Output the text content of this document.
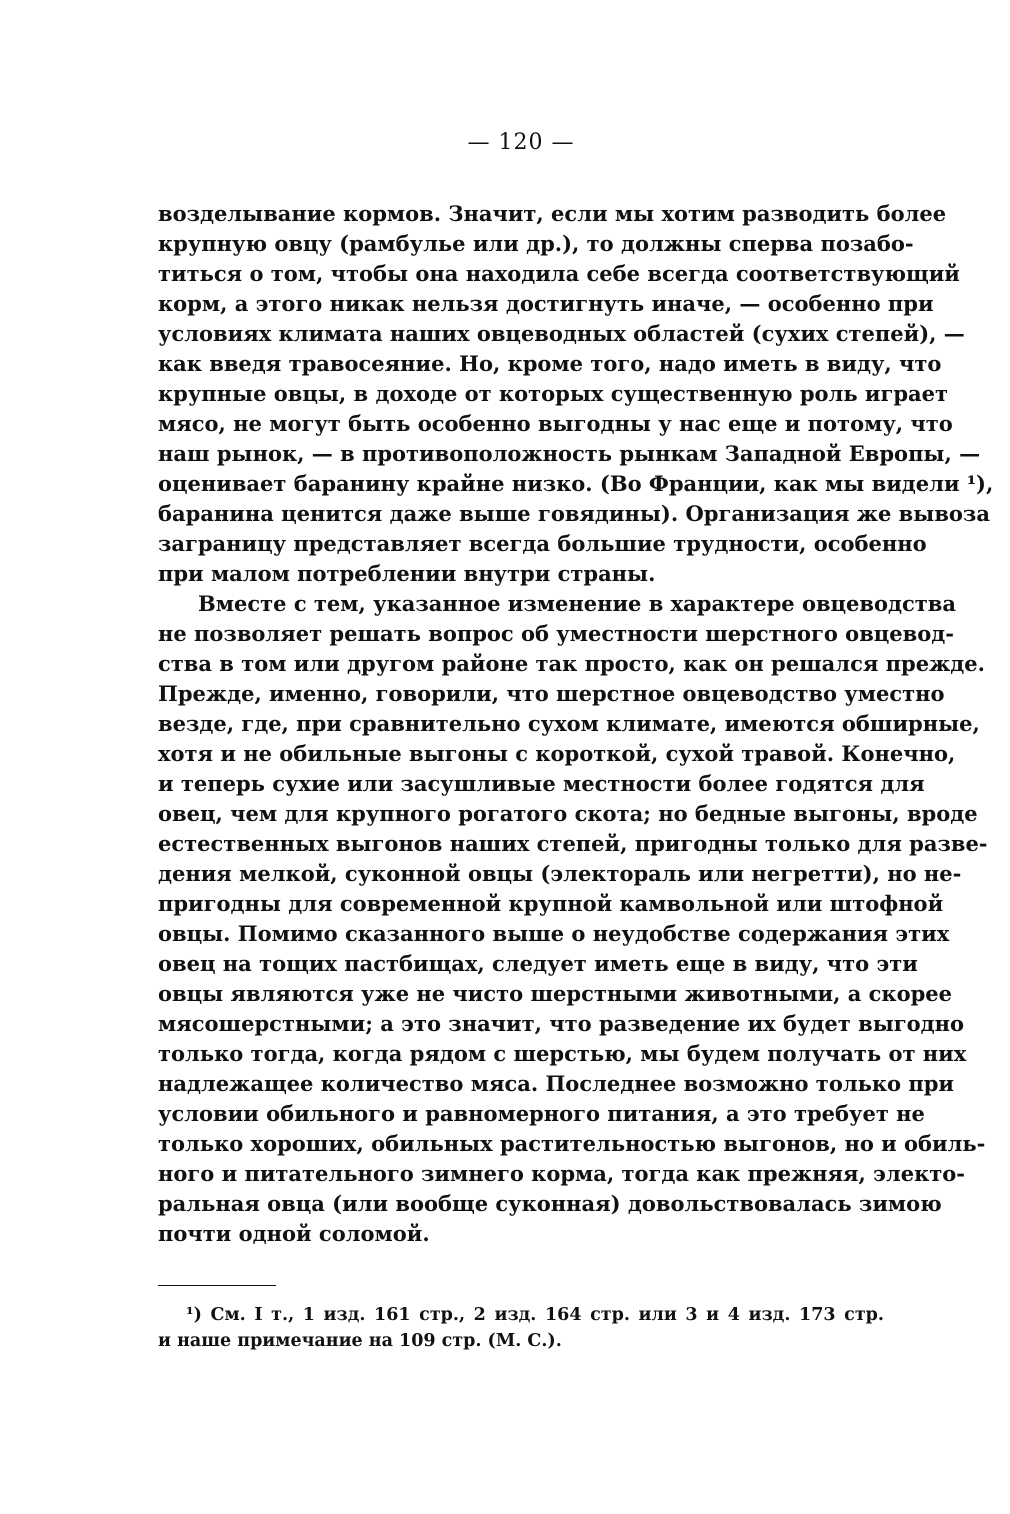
— 120 —

возделывание кормов. Значит, если мы хотим разводить более

крупную овцу (рамбулье или др.), то должны сперва позабо-

титься о том, чтобы она находила себе всегда соответствующий

корм, а этого никак нельзя достигнуть иначе, — особенно при

условиях климата наших овцеводных областей (сухих степей), —

как введя травосеяние. Но, кроме того, надо иметь в виду, что

крупные овцы, в доходе от которых существенную роль играет

мясо, не могут быть особенно выгодны у нас еще и потому, что

наш рынок, — в противоположность рынкам Западной Европы, —

оценивает баранину крайне низко. (Во Франции, как мы видели ¹),

баранина ценится даже выше говядины). Организация же вывоза

заграницу представляет всегда большие трудности, особенно

при малом потреблении внутри страны.

Вместе с тем, указанное изменение в характере овцеводства

не позволяет решать вопрос об уместности шерстного овцевод-

ства в том или другом районе так просто, как он решался прежде.

Прежде, именно, говорили, что шерстное овцеводство уместно

везде, где, при сравнительно сухом климате, имеются обширные,

хотя и не обильные выгоны с короткой, сухой травой. Конечно,

и теперь сухие или засушливые местности более годятся для

овец, чем для крупного рогатого скота; но бедные выгоны, вроде

естественных выгонов наших степей, пригодны только для разве-

дения мелкой, суконной овцы (электораль или негретти), но не-

пригодны для современной крупной камвольной или штофной

овцы. Помимо сказанного выше о неудобстве содержания этих

овец на тощих пастбищах, следует иметь еще в виду, что эти

овцы являются уже не чисто шерстными животными, а скорее

мясошерстными; а это значит, что разведение их будет выгодно

только тогда, когда рядом с шерстью, мы будем получать от них

надлежащее количество мяса. Последнее возможно только при

условии обильного и равномерного питания, а это требует не

только хороших, обильных растительностью выгонов, но и обиль-

ного и питательного зимнего корма, тогда как прежняя, электо-

ральная овца (или вообще суконная) довольствовалась зимою

почти одной соломой.

¹) См. I т., 1 изд. 161 стр., 2 изд. 164 стр. или 3 и 4 изд. 173 стр.

и наше примечание на 109 стр. (М. С.).
